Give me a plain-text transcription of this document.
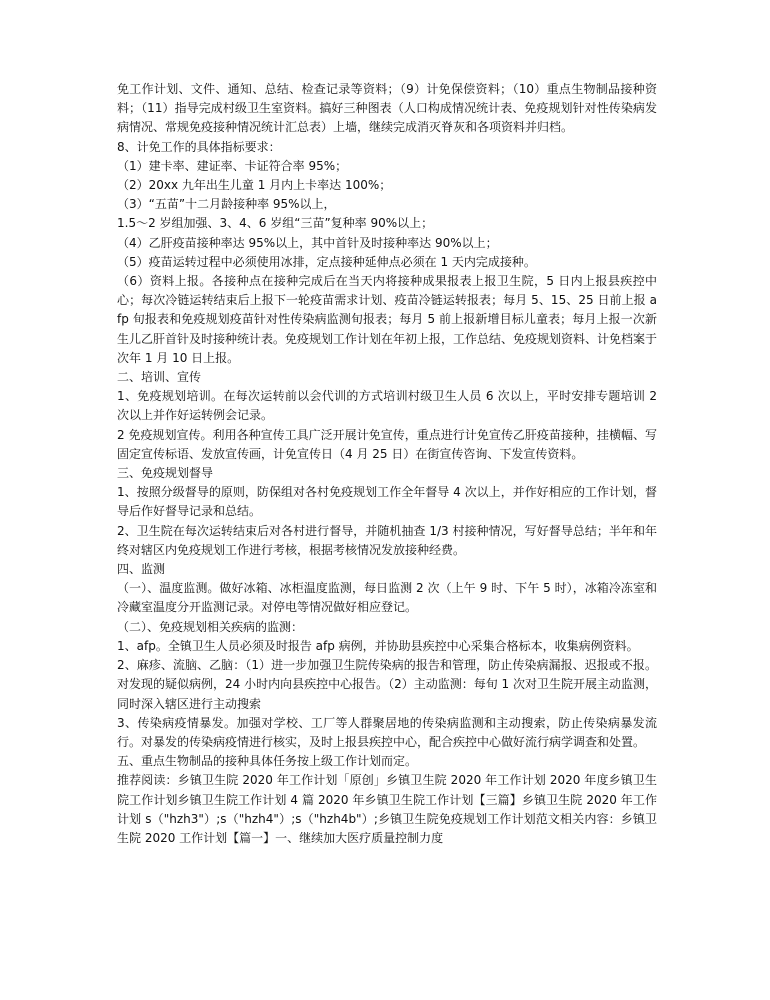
免工作计划、文件、通知、总结、检查记录等资料；（9）计免保偿资料；（10）重点生物制品接种资料；（11）指导完成村级卫生室资料。搞好三种图表（人口构成情况统计表、免疫规划针对性传染病发病情况、常规免疫接种情况统计汇总表）上墙，继续完成消灭脊灰和各项资料并归档。

8、计免工作的具体指标要求：

（1）建卡率、建证率、卡证符合率 95%；

（2）20xx 九年出生儿童 1 月内上卡率达 100%；

（3）“五苗”十二月龄接种率 95%以上，

1.5～2 岁组加强、3、4、6 岁组“三苗”复种率 90%以上；

（4）乙肝疫苗接种率达 95%以上，其中首针及时接种率达 90%以上；

（5）疫苗运转过程中必须使用冰排，定点接种延伸点必须在 1 天内完成接种。

（6）资料上报。各接种点在接种完成后在当天内将接种成果报表上报卫生院，5 日内上报县疾控中心；每次冷链运转结束后上报下一轮疫苗需求计划、疫苗冷链运转报表；每月 5、15、25 日前上报 afp 旬报表和免疫规划疫苗针对性传染病监测旬报表；每月 5 前上报新增目标儿童表；每月上报一次新生儿乙肝首针及时接种统计表。免疫规划工作计划在年初上报，工作总结、免疫规划资料、计免档案于次年 1 月 10 日上报。

二、培训、宣传

1、免疫规划培训。在每次运转前以会代训的方式培训村级卫生人员 6 次以上，平时安排专题培训 2 次以上并作好运转例会记录。

2 免疫规划宣传。利用各种宣传工具广泛开展计免宣传，重点进行计免宣传乙肝疫苗接种，挂横幅、写固定宣传标语、发放宣传画，计免宣传日（4 月 25 日）在街宣传咨询、下发宣传资料。

三、免疫规划督导

1、按照分级督导的原则，防保组对各村免疫规划工作全年督导 4 次以上，并作好相应的工作计划，督导后作好督导记录和总结。

2、卫生院在每次运转结束后对各村进行督导，并随机抽查 1/3 村接种情况，写好督导总结；半年和年终对辖区内免疫规划工作进行考核，根据考核情况发放接种经费。

四、监测

（一）、温度监测。做好冰箱、冰柜温度监测，每日监测 2 次（上午 9 时、下午 5 时），冰箱冷冻室和冷藏室温度分开监测记录。对停电等情况做好相应登记。

（二）、免疫规划相关疾病的监测：

1、afp。全镇卫生人员必须及时报告 afp 病例，并协助县疾控中心采集合格标本，收集病例资料。

2、麻疹、流脑、乙脑：（1）进一步加强卫生院传染病的报告和管理，防止传染病漏报、迟报或不报。对发现的疑似病例，24 小时内向县疾控中心报告。（2）主动监测：每旬 1 次对卫生院开展主动监测，同时深入辖区进行主动搜索

3、传染病疫情暴发。加强对学校、工厂等人群聚居地的传染病监测和主动搜索，防止传染病暴发流行。对暴发的传染病疫情进行核实，及时上报县疾控中心，配合疾控中心做好流行病学调查和处置。

五、重点生物制品的接种具体任务按上级工作计划而定。

推荐阅读：乡镇卫生院 2020 年工作计划「原创」乡镇卫生院 2020 年工作计划 2020 年度乡镇卫生院工作计划乡镇卫生院工作计划 4 篇 2020 年乡镇卫生院工作计划【三篇】乡镇卫生院 2020 年工作计划 s（"hzh3"）;s（"hzh4"）;s（"hzh4b"）;乡镇卫生院免疫规划工作计划范文相关内容：乡镇卫生院 2020 工作计划【篇一】一、继续加大医疗质量控制力度
